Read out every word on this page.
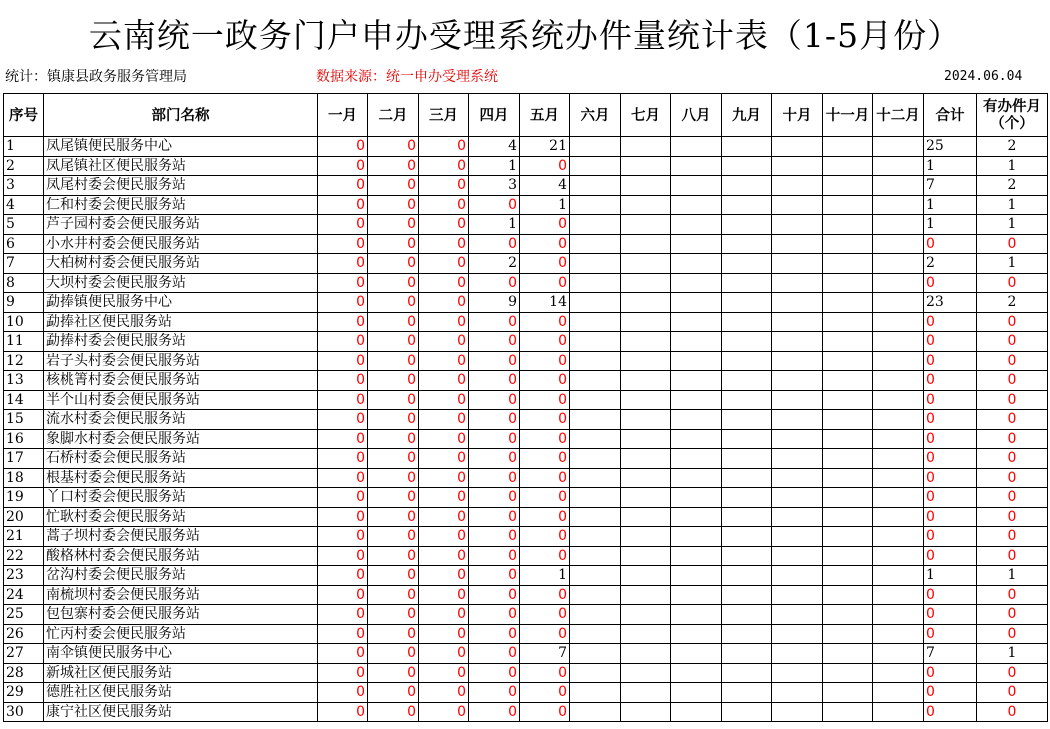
云南统一政务门户申办受理系统办件量统计表（1-5月份）
统计：镇康县政务服务管理局	数据来源：统一申办受理系统	2024.06.04
序号	部门名称	一月	二月	三月	四月	五月	六月	七月	八月	九月	十月	十一月	十二月	合计	有办件月（个）
1	凤尾镇便民服务中心	0	0	0	4	21								25	2
2	凤尾镇社区便民服务站	0	0	0	1	0								1	1
3	凤尾村委会便民服务站	0	0	0	3	4								7	2
4	仁和村委会便民服务站	0	0	0	0	1								1	1
5	芦子园村委会便民服务站	0	0	0	1	0								1	1
6	小水井村委会便民服务站	0	0	0	0	0								0	0
7	大柏树村委会便民服务站	0	0	0	2	0								2	1
8	大坝村委会便民服务站	0	0	0	0	0								0	0
9	勐捧镇便民服务中心	0	0	0	9	14								23	2
10	勐捧社区便民服务站	0	0	0	0	0								0	0
11	勐捧村委会便民服务站	0	0	0	0	0								0	0
12	岩子头村委会便民服务站	0	0	0	0	0								0	0
13	核桃箐村委会便民服务站	0	0	0	0	0								0	0
14	半个山村委会便民服务站	0	0	0	0	0								0	0
15	流水村委会便民服务站	0	0	0	0	0								0	0
16	象脚水村委会便民服务站	0	0	0	0	0								0	0
17	石桥村委会便民服务站	0	0	0	0	0								0	0
18	根基村委会便民服务站	0	0	0	0	0								0	0
19	丫口村委会便民服务站	0	0	0	0	0								0	0
20	忙耿村委会便民服务站	0	0	0	0	0								0	0
21	蒿子坝村委会便民服务站	0	0	0	0	0								0	0
22	酸格林村委会便民服务站	0	0	0	0	0								0	0
23	岔沟村委会便民服务站	0	0	0	0	1								1	1
24	南梳坝村委会便民服务站	0	0	0	0	0								0	0
25	包包寨村委会便民服务站	0	0	0	0	0								0	0
26	忙丙村委会便民服务站	0	0	0	0	0								0	0
27	南伞镇便民服务中心	0	0	0	0	7								7	1
28	新城社区便民服务站	0	0	0	0	0								0	0
29	德胜社区便民服务站	0	0	0	0	0								0	0
30	康宁社区便民服务站	0	0	0	0	0								0	0
